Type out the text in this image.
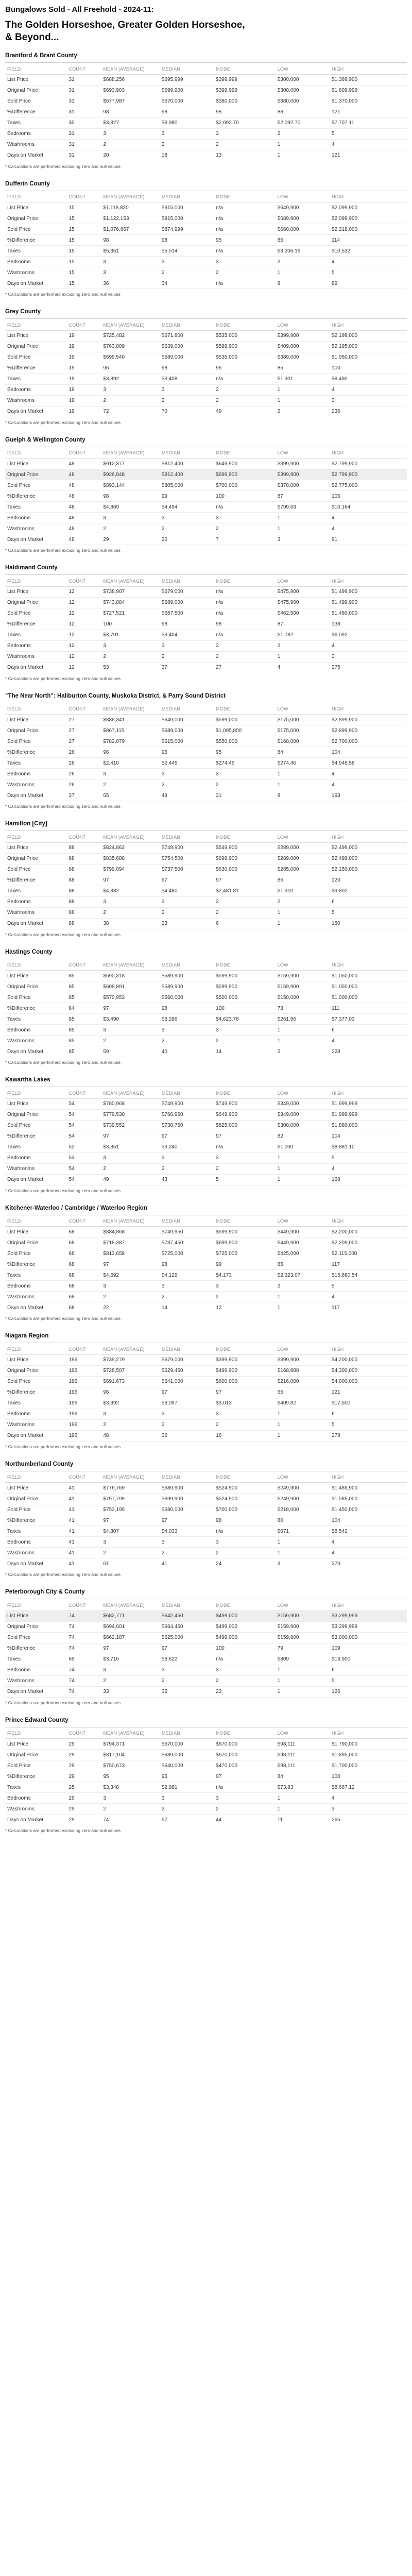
Bungalows Sold - All Freehold - 2024-11:
The Golden Horseshoe, Greater Golden Horseshoe, & Beyond...
Brantford & Brant County
FIELD	COUNT	MEAN (AVERAGE)	MEDIAN	MODE	LOW	HIGH
List Price	31	$688,256	$695,999	$399,999	$300,000	$1,389,900
Original Price	31	$693,903	$699,900	$399,999	$300,000	$1,609,999
Sold Price	31	$677,987	$670,000	$380,000	$380,000	$1,370,000
%Difference	31	98	98	98	88	121
Taxes	30	$3,827	$3,980	$2,092.70	$2,092.70	$7,707.11
Bedrooms	31	3	3	3	2	5
Washrooms	31	2	2	2	1	4
Days on Market	31	20	18	13	1	121
* Calculations are performed excluding zero and null values
Dufferin County
FIELD	COUNT	MEAN (AVERAGE)	MEDIAN	MODE	LOW	HIGH
List Price	15	$1,118,820	$915,000	n/a	$649,900	$2,099,900
Original Price	15	$1,122,153	$915,000	n/a	$689,900	$2,099,900
Sold Price	15	$1,076,867	$874,999	n/a	$660,000	$2,218,000
%Difference	15	98	98	95	85	114
Taxes	15	$5,351	$5,514	n/a	$3,206.16	$10,532
Bedrooms	15	3	3	3	2	4
Washrooms	15	3	2	2	1	5
Days on Market	15	36	34	n/a	8	89
* Calculations are performed excluding zero and null values
Grey County
FIELD	COUNT	MEAN (AVERAGE)	MEDIAN	MODE	LOW	HIGH
List Price	19	$725,482	$671,800	$535,000	$399,900	$2,199,000
Original Price	19	$763,809	$639,000	$599,900	$409,000	$2,195,000
Sold Price	19	$699,540	$589,000	$535,000	$389,000	$1,950,000
%Difference	19	96	98	96	85	100
Taxes	19	$3,892	$3,408	n/a	$1,301	$8,490
Bedrooms	19	3	3	2	1	4
Washrooms	19	2	2	2	1	3
Days on Market	19	72	70	49	2	236
* Calculations are performed excluding zero and null values
Guelph & Wellington County
FIELD	COUNT	MEAN (AVERAGE)	MEDIAN	MODE	LOW	HIGH
List Price	48	$912,377	$812,400	$649,900	$399,900	$2,799,900
Original Price	48	$926,848	$812,400	$699,900	$399,900	$2,799,900
Sold Price	48	$893,144	$805,000	$700,000	$370,000	$2,775,000
%Difference	48	98	99	100	87	106
Taxes	48	$4,869	$4,494	n/a	$799.63	$10,164
Bedrooms	48	3	3	3	1	4
Washrooms	48	2	2	2	1	4
Days on Market	48	29	20	7	3	91
* Calculations are performed excluding zero and null values
Haldimand County
FIELD	COUNT	MEAN (AVERAGE)	MEDIAN	MODE	LOW	HIGH
List Price	12	$738,907	$679,000	n/a	$475,900	$1,499,900
Original Price	12	$743,884	$689,000	n/a	$475,900	$1,499,900
Sold Price	12	$727,521	$657,500	n/a	$462,500	$1,480,000
%Difference	12	100	98	98	87	138
Taxes	12	$3,701	$3,404	n/a	$1,782	$6,092
Bedrooms	12	3	3	3	2	4
Washrooms	12	2	2	2	1	3
Days on Market	12	53	37	27	4	275
* Calculations are performed excluding zero and null values
"The Near North": Haliburton County, Muskoka District, & Parry Sound District
FIELD	COUNT	MEAN (AVERAGE)	MEDIAN	MODE	LOW	HIGH
List Price	27	$836,341	$649,000	$599,000	$175,000	$2,899,900
Original Price	27	$867,115	$689,000	$1,095,800	$175,000	$2,899,900
Sold Price	27	$782,079	$615,000	$550,000	$160,000	$2,700,000
%Difference	26	96	95	95	84	104
Taxes	26	$2,410	$2,445	$274.46	$274.46	$4,948.58
Bedrooms	26	3	3	3	1	4
Washrooms	26	2	2	2	1	4
Days on Market	27	65	49	31	8	193
* Calculations are performed excluding zero and null values
Hamilton [City]
FIELD	COUNT	MEAN (AVERAGE)	MEDIAN	MODE	LOW	HIGH
List Price	88	$824,862	$749,900	$549,900	$289,000	$2,499,000
Original Price	88	$835,688	$754,500	$699,900	$289,000	$2,499,000
Sold Price	88	$799,094	$737,500	$630,000	$285,000	$2,150,000
%Difference	88	97	97	97	86	120
Taxes	88	$4,832	$4,480	$2,481.81	$1,910	$9,802
Bedrooms	88	3	3	3	2	6
Washrooms	88	2	2	2	1	5
Days on Market	88	38	23	6	1	180
* Calculations are performed excluding zero and null values
Hastings County
FIELD	COUNT	MEAN (AVERAGE)	MEDIAN	MODE	LOW	HIGH
List Price	85	$590,318	$589,900	$599,900	$159,900	$1,050,000
Original Price	85	$608,891	$589,900	$599,900	$159,900	$1,050,000
Sold Price	85	$570,953	$560,000	$500,000	$150,000	$1,000,000
%Difference	84	97	98	100	73	111
Taxes	85	$3,490	$3,286	$4,623.78	$261.96	$7,377.03
Bedrooms	85	3	3	3	1	6
Washrooms	85	2	2	2	1	4
Days on Market	85	59	40	14	2	228
* Calculations are performed excluding zero and null values
Kawartha Lakes
FIELD	COUNT	MEAN (AVERAGE)	MEDIAN	MODE	LOW	HIGH
List Price	54	$780,968	$749,900	$749,900	$349,000	$1,999,999
Original Price	54	$779,530	$766,950	$649,900	$349,000	$1,999,999
Sold Price	54	$739,552	$730,750	$825,000	$300,000	$1,880,000
%Difference	54	97	97	97	82	104
Taxes	52	$3,351	$3,240	n/a	$1,000	$8,881.10
Bedrooms	53	3	3	3	1	5
Washrooms	54	2	2	2	1	4
Days on Market	54	49	43	5	1	168
* Calculations are performed excluding zero and null values
Kitchener-Waterloo / Cambridge / Waterloo Region
FIELD	COUNT	MEAN (AVERAGE)	MEDIAN	MODE	LOW	HIGH
List Price	68	$834,868	$749,950	$599,900	$449,900	$2,200,000
Original Price	68	$718,387	$737,450	$699,900	$449,900	$2,209,000
Sold Price	68	$813,658	$725,000	$725,000	$425,000	$2,115,000
%Difference	68	97	98	99	85	117
Taxes	68	$4,692	$4,129	$4,173	$2,323.07	$15,880.54
Bedrooms	68	3	3	3	2	5
Washrooms	68	2	2	2	1	4
Days on Market	68	22	14	12	1	117
* Calculations are performed excluding zero and null values
Niagara Region
FIELD	COUNT	MEAN (AVERAGE)	MEDIAN	MODE	LOW	HIGH
List Price	196	$739,279	$679,000	$399,900	$399,900	$4,200,000
Original Price	196	$728,507	$629,450	$499,900	$168,888	$4,300,000
Sold Price	196	$691,673	$641,000	$600,000	$216,000	$4,000,000
%Difference	196	96	97	97	65	121
Taxes	196	$3,392	$3,097	$3,013	$409.82	$17,500
Bedrooms	196	3	3	3	1	6
Washrooms	196	2	2	2	1	5
Days on Market	196	48	36	16	1	278
* Calculations are performed excluding zero and null values
Northumberland County
FIELD	COUNT	MEAN (AVERAGE)	MEDIAN	MODE	LOW	HIGH
List Price	41	$776,769	$689,900	$524,900	$249,900	$1,489,900
Original Price	41	$797,799	$699,900	$524,900	$249,900	$1,589,000
Sold Price	41	$753,195	$680,000	$700,000	$218,000	$1,450,000
%Difference	41	97	97	98	80	104
Taxes	41	$4,307	$4,033	n/a	$671	$8,542
Bedrooms	41	3	3	3	1	4
Washrooms	41	2	2	2	1	4
Days on Market	41	61	41	24	3	370
* Calculations are performed excluding zero and null values
Peterborough City & County
FIELD	COUNT	MEAN (AVERAGE)	MEDIAN	MODE	LOW	HIGH
List Price	74	$682,771	$642,450	$499,000	$159,900	$3,299,999
Original Price	74	$694,601	$664,450	$499,000	$159,900	$3,299,999
Sold Price	74	$662,187	$625,000	$499,000	$159,900	$3,000,000
%Difference	74	97	97	100	79	109
Taxes	69	$3,716	$3,622	n/a	$809	$13,900
Bedrooms	74	3	3	3	1	6
Washrooms	74	2	2	2	1	5
Days on Market	74	33	35	23	1	126
* Calculations are performed excluding zero and null values
Prince Edward County
FIELD	COUNT	MEAN (AVERAGE)	MEDIAN	MODE	LOW	HIGH
List Price	29	$794,371	$670,000	$670,000	$98,111	$1,790,000
Original Price	29	$817,104	$689,000	$670,000	$98,111	$1,895,000
Sold Price	29	$750,673	$640,000	$470,000	$98,111	$1,700,000
%Difference	29	95	95	97	84	100
Taxes	25	$3,348	$2,981	n/a	$73.83	$8,667.12
Bedrooms	29	3	3	3	1	4
Washrooms	29	2	2	2	1	3
Days on Market	29	74	57	44	11	265
* Calculations are performed excluding zero and null values
